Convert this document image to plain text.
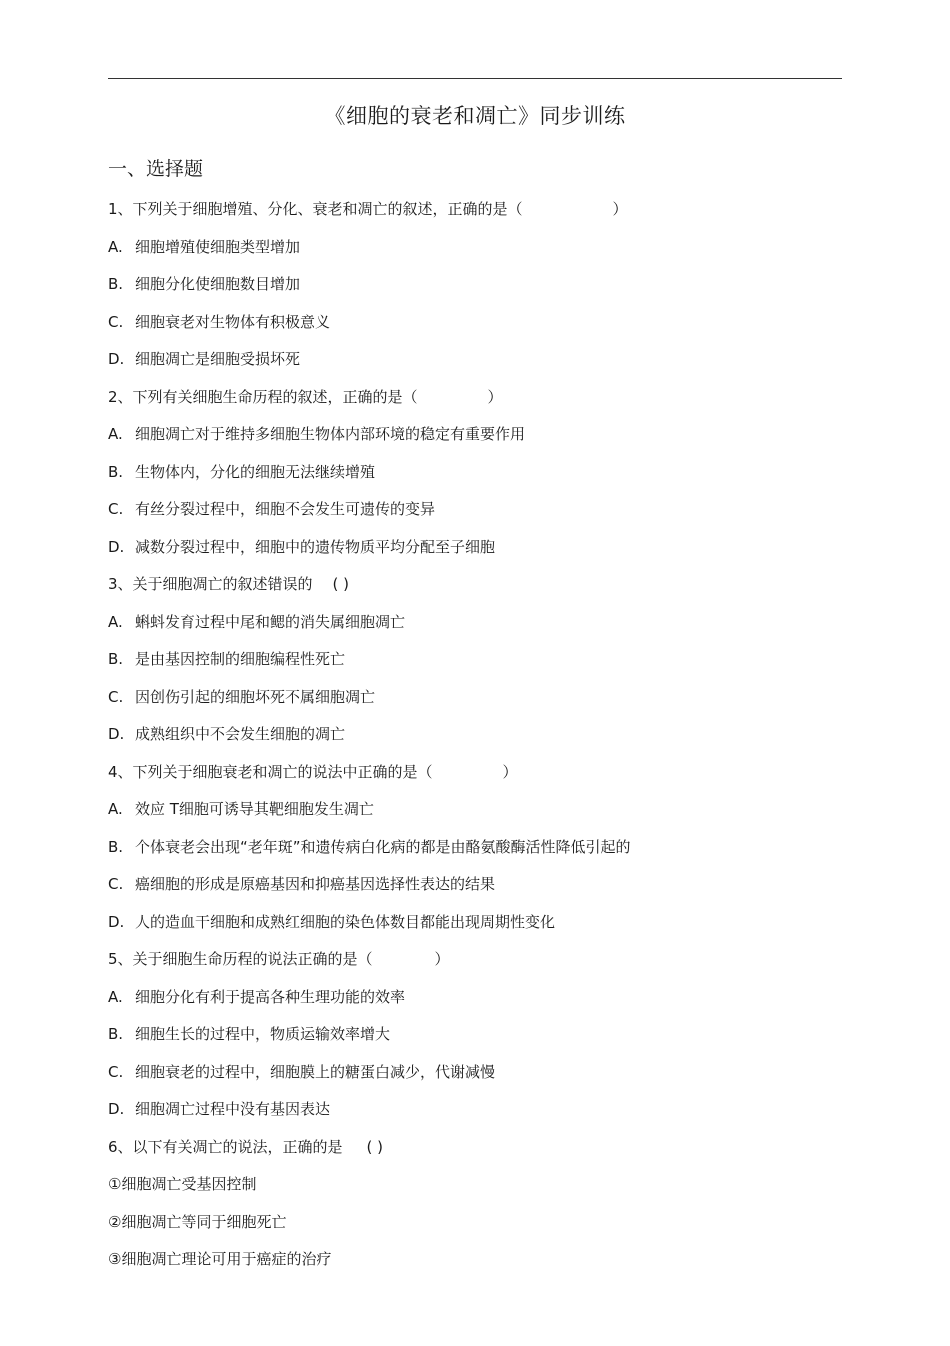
《细胞的衰老和凋亡》同步训练
一、选择题
1、下列关于细胞增殖、分化、衰老和凋亡的叙述，正确的是（	）
A. 细胞增殖使细胞类型增加
B. 细胞分化使细胞数目增加
C. 细胞衰老对生物体有积极意义
D. 细胞凋亡是细胞受损坏死
2、下列有关细胞生命历程的叙述，正确的是（	）
A. 细胞凋亡对于维持多细胞生物体内部环境的稳定有重要作用
B. 生物体内，分化的细胞无法继续增殖
C. 有丝分裂过程中，细胞不会发生可遗传的变异
D. 减数分裂过程中，细胞中的遗传物质平均分配至子细胞
3、关于细胞凋亡的叙述错误的 ( )
A. 蝌蚪发育过程中尾和鳃的消失属细胞凋亡
B. 是由基因控制的细胞编程性死亡
C. 因创伤引起的细胞坏死不属细胞凋亡
D. 成熟组织中不会发生细胞的凋亡
4、下列关于细胞衰老和凋亡的说法中正确的是（	）
A. 效应 T细胞可诱导其靶细胞发生凋亡
B. 个体衰老会出现“老年斑”和遗传病白化病的都是由酪氨酸酶活性降低引起的
C. 癌细胞的形成是原癌基因和抑癌基因选择性表达的结果
D. 人的造血干细胞和成熟红细胞的染色体数目都能出现周期性变化
5、关于细胞生命历程的说法正确的是（	）
A. 细胞分化有利于提高各种生理功能的效率
B. 细胞生长的过程中，物质运输效率增大
C. 细胞衰老的过程中，细胞膜上的糖蛋白减少，代谢减慢
D. 细胞凋亡过程中没有基因表达
6、以下有关凋亡的说法，正确的是 ( )
①细胞凋亡受基因控制
②细胞凋亡等同于细胞死亡
③细胞凋亡理论可用于癌症的治疗
